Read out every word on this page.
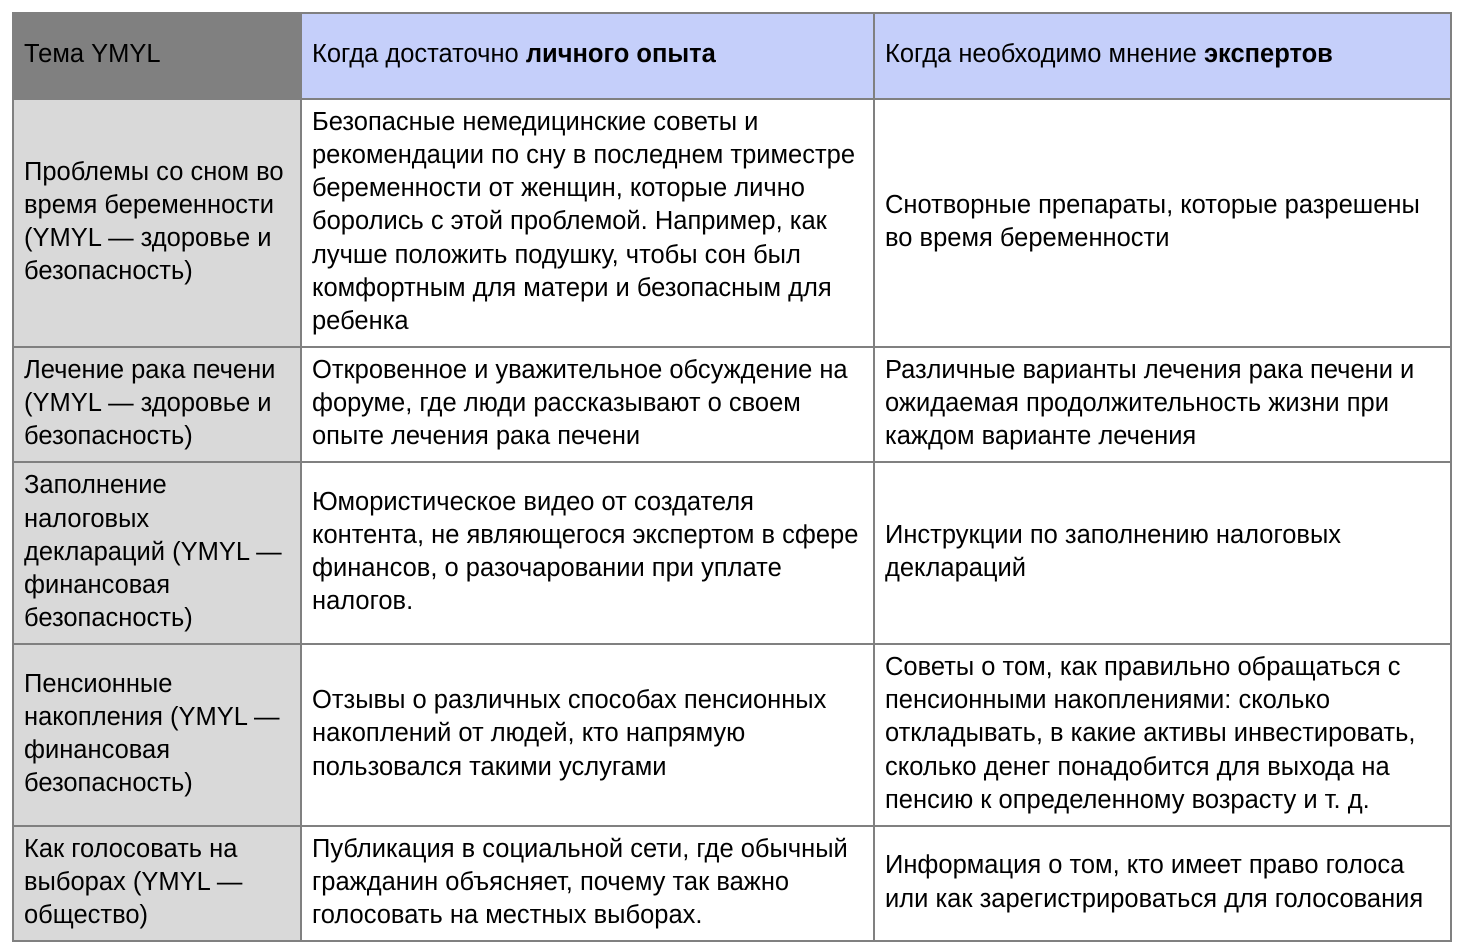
Тема YMYL	Когда достаточно личного опыта	Когда необходимо мнение экспертов
Проблемы со сном во время беременности (YMYL — здоровье и безопасность)	Безопасные немедицинские советы и рекомендации по сну в последнем триместре беременности от женщин, которые лично боролись с этой проблемой. Например, как лучше положить подушку, чтобы сон был комфортным для матери и безопасным для ребенка	Снотворные препараты, которые разрешены во время беременности
Лечение рака печени (YMYL — здоровье и безопасность)	Откровенное и уважительное обсуждение на форуме, где люди рассказывают о своем опыте лечения рака печени	Различные варианты лечения рака печени и ожидаемая продолжительность жизни при каждом варианте лечения
Заполнение налоговых деклараций (YMYL — финансовая безопасность)	Юмористическое видео от создателя контента, не являющегося экспертом в сфере финансов, о разочаровании при уплате налогов.	Инструкции по заполнению налоговых деклараций
Пенсионные накопления (YMYL — финансовая безопасность)	Отзывы о различных способах пенсионных накоплений от людей, кто напрямую пользовался такими услугами	Советы о том, как правильно обращаться с пенсионными накоплениями: сколько откладывать, в какие активы инвестировать, сколько денег понадобится для выхода на пенсию к определенному возрасту и т. д.
Как голосовать на выборах (YMYL — общество)	Публикация в социальной сети, где обычный гражданин объясняет, почему так важно голосовать на местных выборах.	Информация о том, кто имеет право голоса или как зарегистрироваться для голосования
